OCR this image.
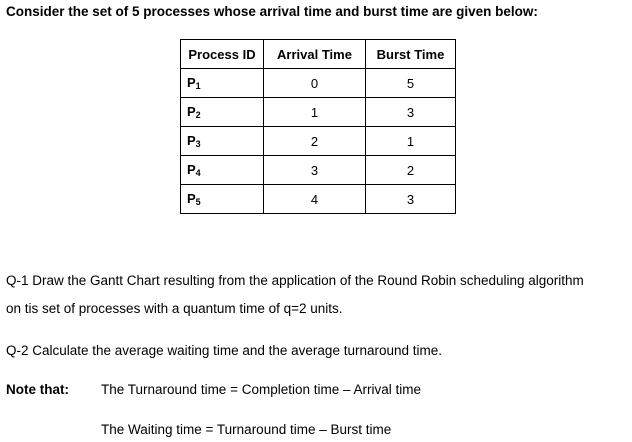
Consider the set of 5 processes whose arrival time and burst time are given below:
Process ID	Arrival Time	Burst Time
$P_1$	0	5
$P_2$	1	3
$P_3$	2	1
$P_4$	3	2
$P_5$	4	3
Q-1 Draw the Gantt Chart resulting from the application of the Round Robin scheduling algorithm
on tis set of processes with a quantum time of q=2 units.
Q-2 Calculate the average waiting time and the average turnaround time.
Note that: The Turnaround time = Completion time – Arrival time
The Waiting time = Turnaround time – Burst time
